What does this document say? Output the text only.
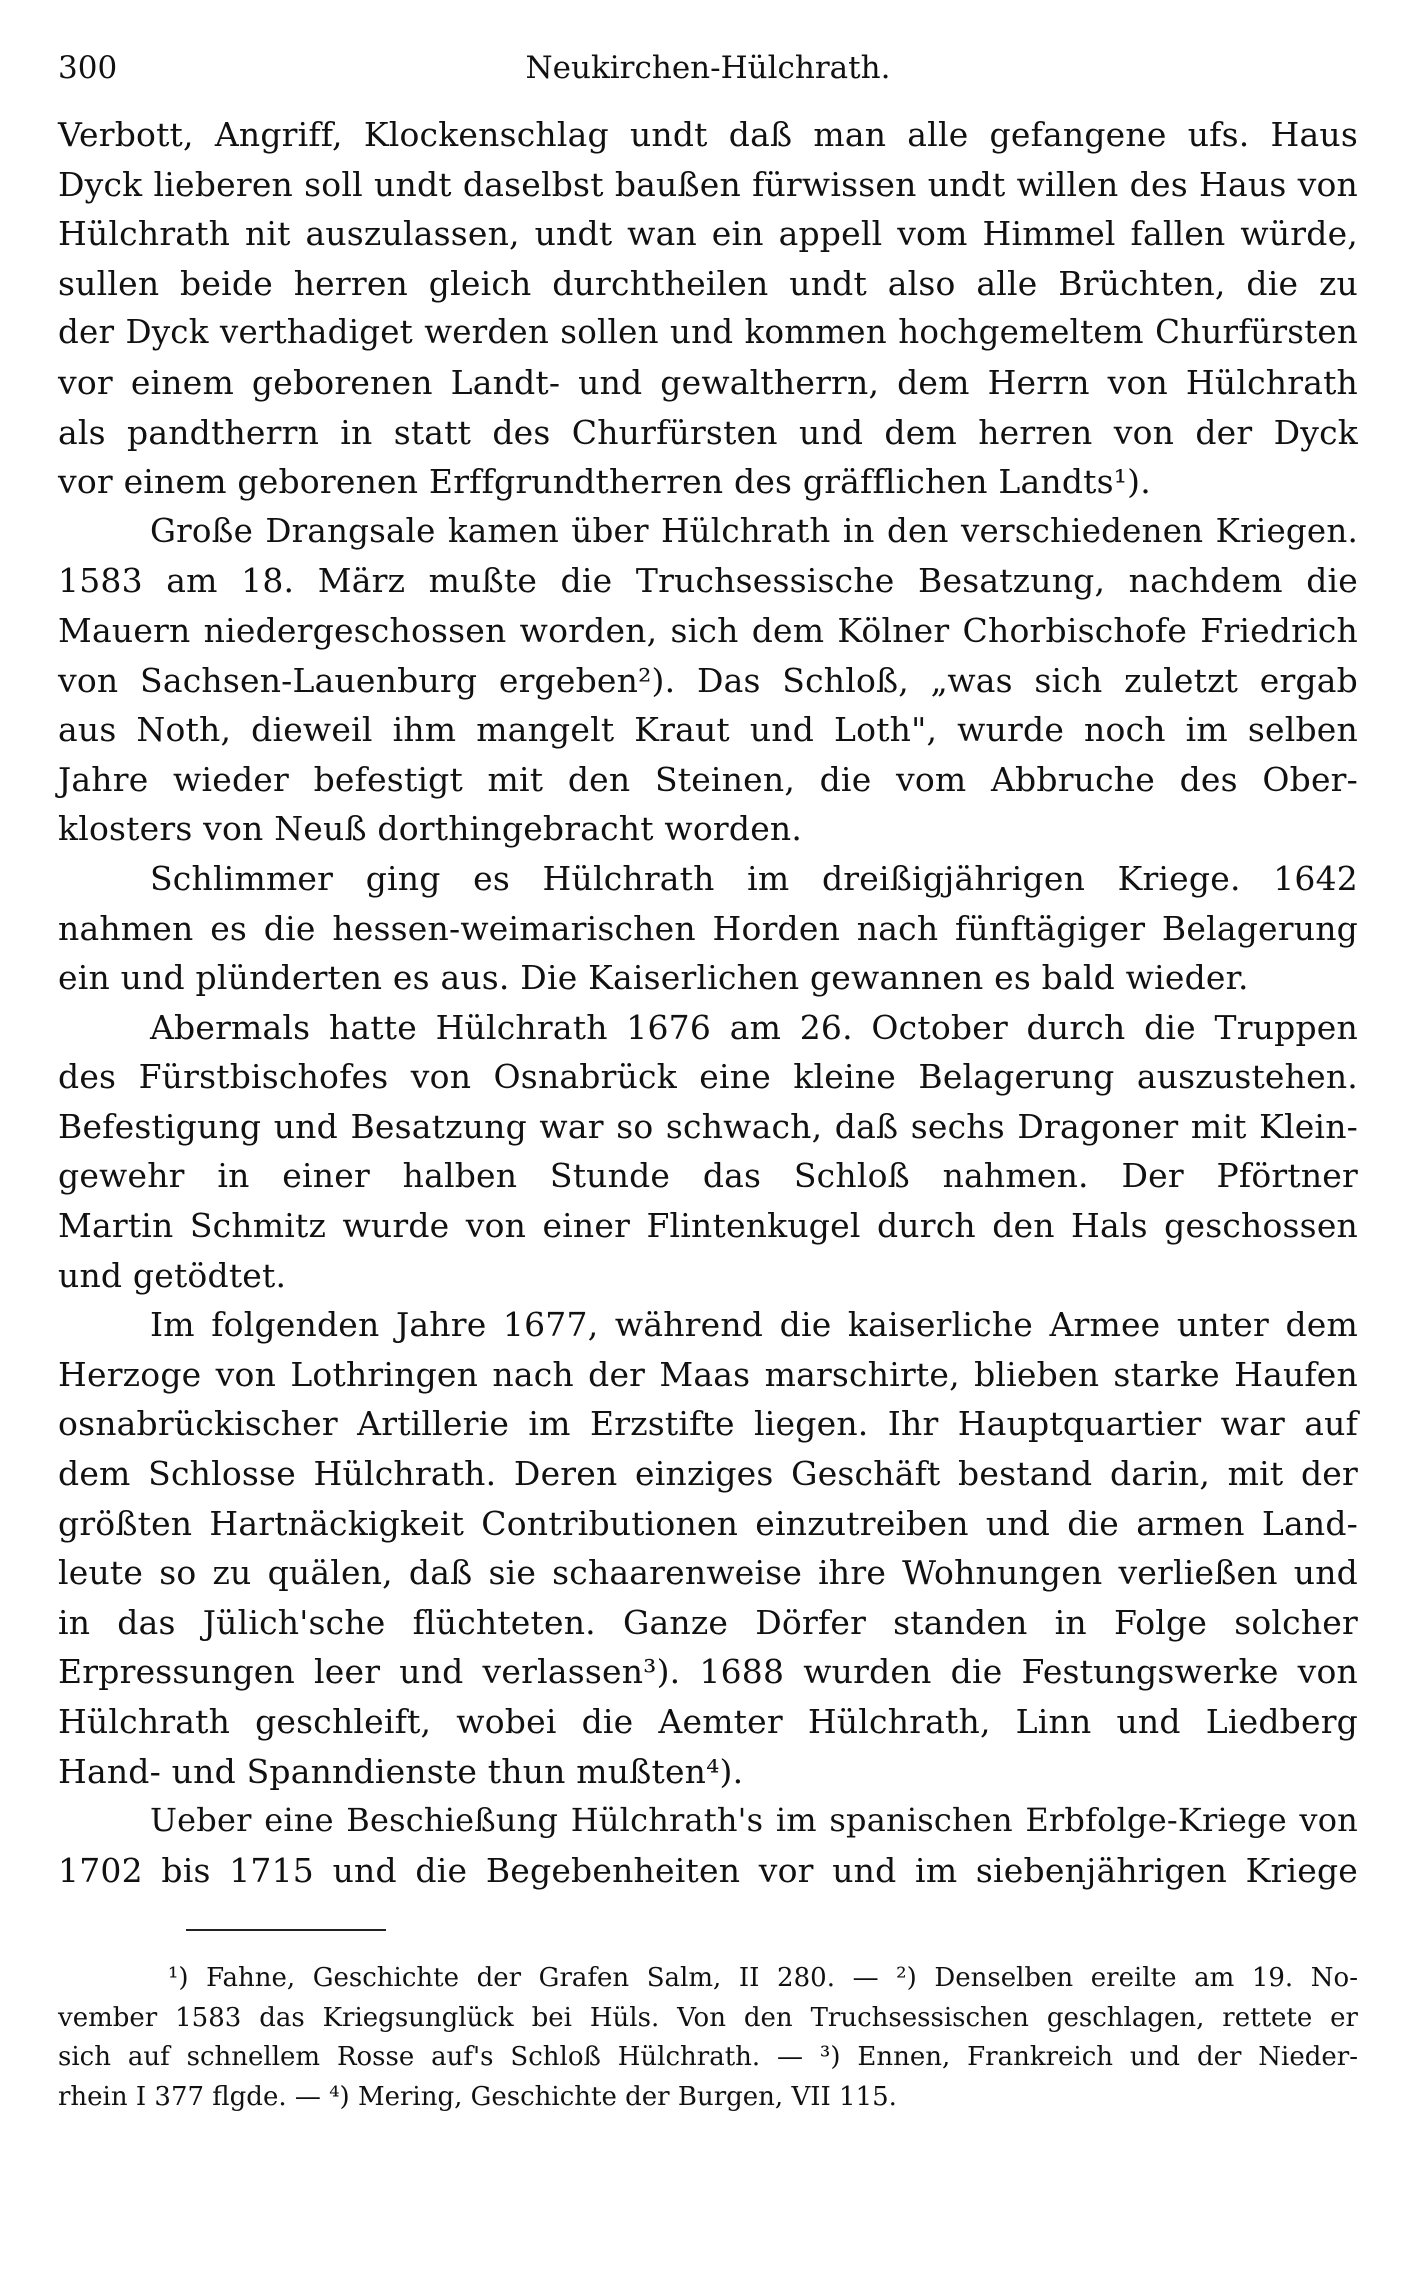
300	Neukirchen-Hülchrath.
Verbott, Angriff, Klockenschlag undt daß man alle gefangene ufs. Haus
Dyck lieberen soll undt daselbst baußen fürwissen undt willen des Haus von
Hülchrath nit auszulassen, undt wan ein appell vom Himmel fallen würde,
sullen beide herren gleich durchtheilen undt also alle Brüchten, die zu
der Dyck verthadiget werden sollen und kommen hochgemeltem Churfürsten
vor einem geborenen Landt- und gewaltherrn, dem Herrn von Hülchrath
als pandtherrn in statt des Churfürsten und dem herren von der Dyck
vor einem geborenen Erffgrundtherren des gräfflichen Landts¹).
Große Drangsale kamen über Hülchrath in den verschiedenen Kriegen.
1583 am 18. März mußte die Truchsessische Besatzung, nachdem die
Mauern niedergeschossen worden, sich dem Kölner Chorbischofe Friedrich
von Sachsen-Lauenburg ergeben²). Das Schloß, „was sich zuletzt ergab
aus Noth, dieweil ihm mangelt Kraut und Loth", wurde noch im selben
Jahre wieder befestigt mit den Steinen, die vom Abbruche des Ober-
klosters von Neuß dorthingebracht worden.
Schlimmer ging es Hülchrath im dreißigjährigen Kriege. 1642
nahmen es die hessen-weimarischen Horden nach fünftägiger Belagerung
ein und plünderten es aus. Die Kaiserlichen gewannen es bald wieder.
Abermals hatte Hülchrath 1676 am 26. October durch die Truppen
des Fürstbischofes von Osnabrück eine kleine Belagerung auszustehen.
Befestigung und Besatzung war so schwach, daß sechs Dragoner mit Klein-
gewehr in einer halben Stunde das Schloß nahmen. Der Pförtner
Martin Schmitz wurde von einer Flintenkugel durch den Hals geschossen
und getödtet.
Im folgenden Jahre 1677, während die kaiserliche Armee unter dem
Herzoge von Lothringen nach der Maas marschirte, blieben starke Haufen
osnabrückischer Artillerie im Erzstifte liegen. Ihr Hauptquartier war auf
dem Schlosse Hülchrath. Deren einziges Geschäft bestand darin, mit der
größten Hartnäckigkeit Contributionen einzutreiben und die armen Land-
leute so zu quälen, daß sie schaarenweise ihre Wohnungen verließen und
in das Jülich'sche flüchteten. Ganze Dörfer standen in Folge solcher
Erpressungen leer und verlassen³). 1688 wurden die Festungswerke von
Hülchrath geschleift, wobei die Aemter Hülchrath, Linn und Liedberg
Hand- und Spanndienste thun mußten⁴).
Ueber eine Beschießung Hülchrath's im spanischen Erbfolge-Kriege von
1702 bis 1715 und die Begebenheiten vor und im siebenjährigen Kriege
¹) Fahne, Geschichte der Grafen Salm, II 280. — ²) Denselben ereilte am 19. No-
vember 1583 das Kriegsunglück bei Hüls. Von den Truchsessischen geschlagen, rettete er
sich auf schnellem Rosse auf's Schloß Hülchrath. — ³) Ennen, Frankreich und der Nieder-
rhein I 377 flgde. — ⁴) Mering, Geschichte der Burgen, VII 115.
